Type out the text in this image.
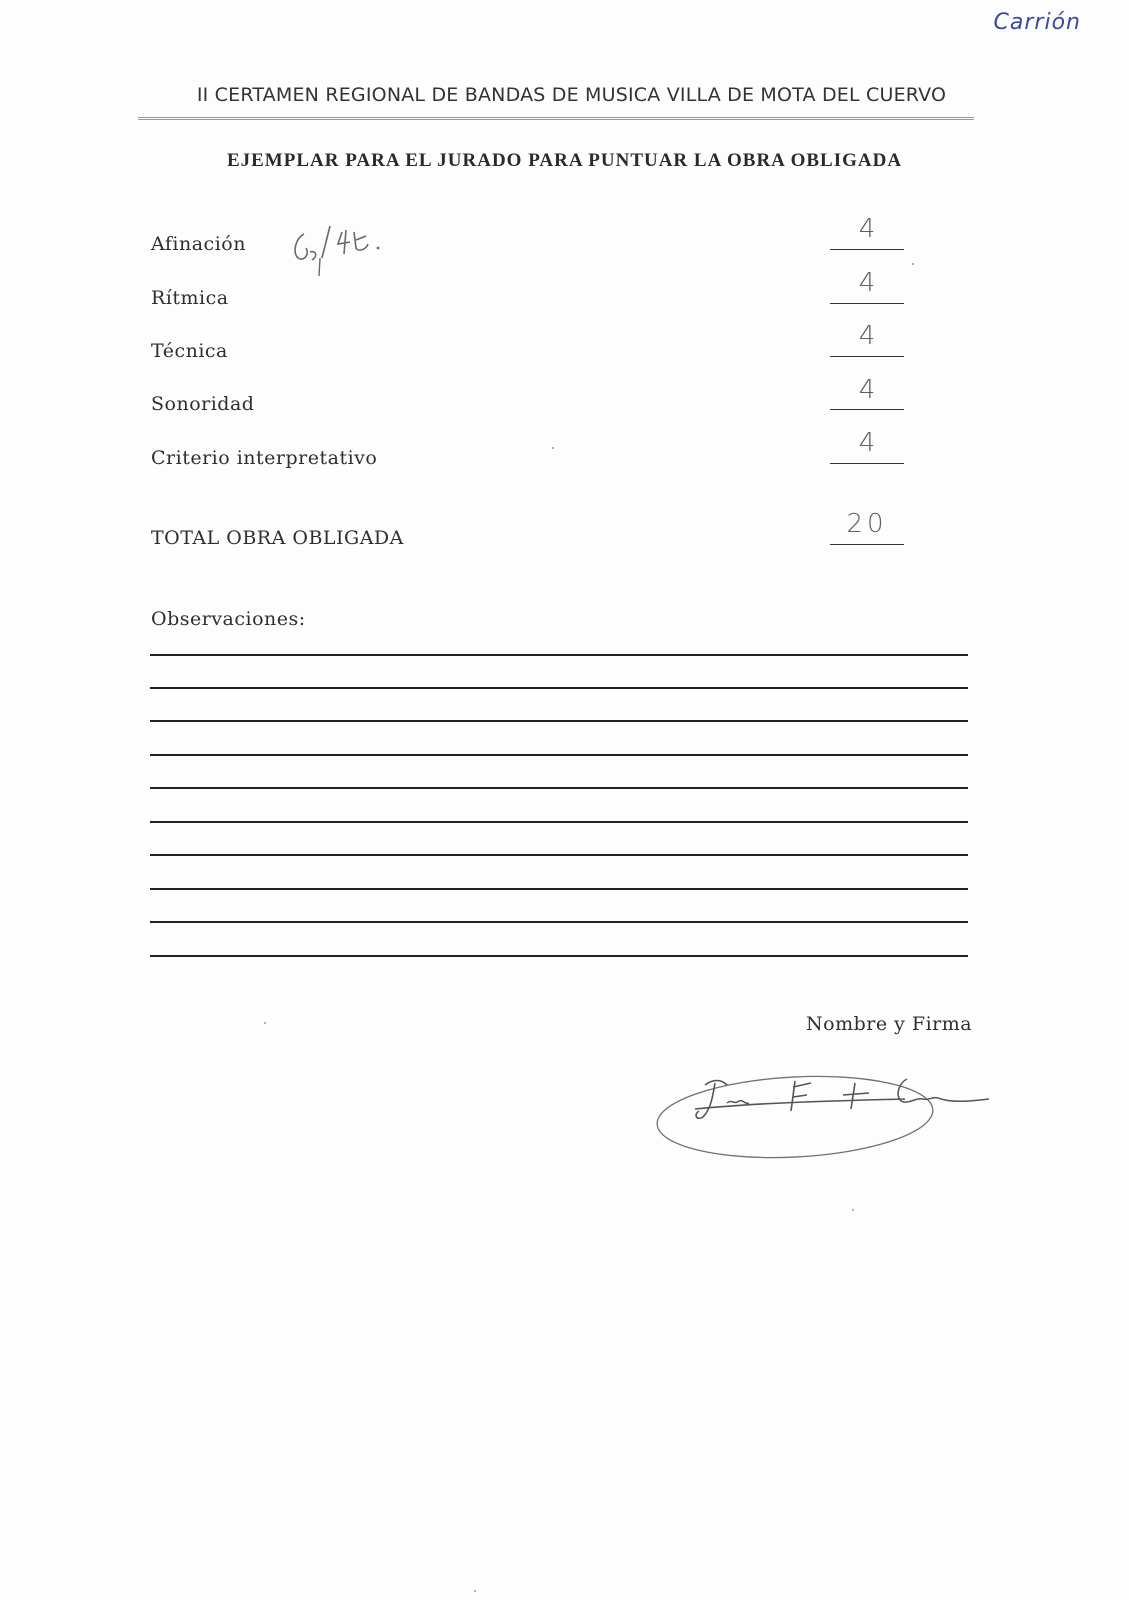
Carrión
II CERTAMEN REGIONAL DE BANDAS DE MUSICA VILLA DE MOTA DEL CUERVO
EJEMPLAR PARA EL JURADO PARA PUNTUAR LA OBRA OBLIGADA
Afinación	4
Rítmica	4
Técnica	4
Sonoridad	4
Criterio interpretativo	4
TOTAL OBRA OBLIGADA	20
Observaciones:
Nombre y Firma
